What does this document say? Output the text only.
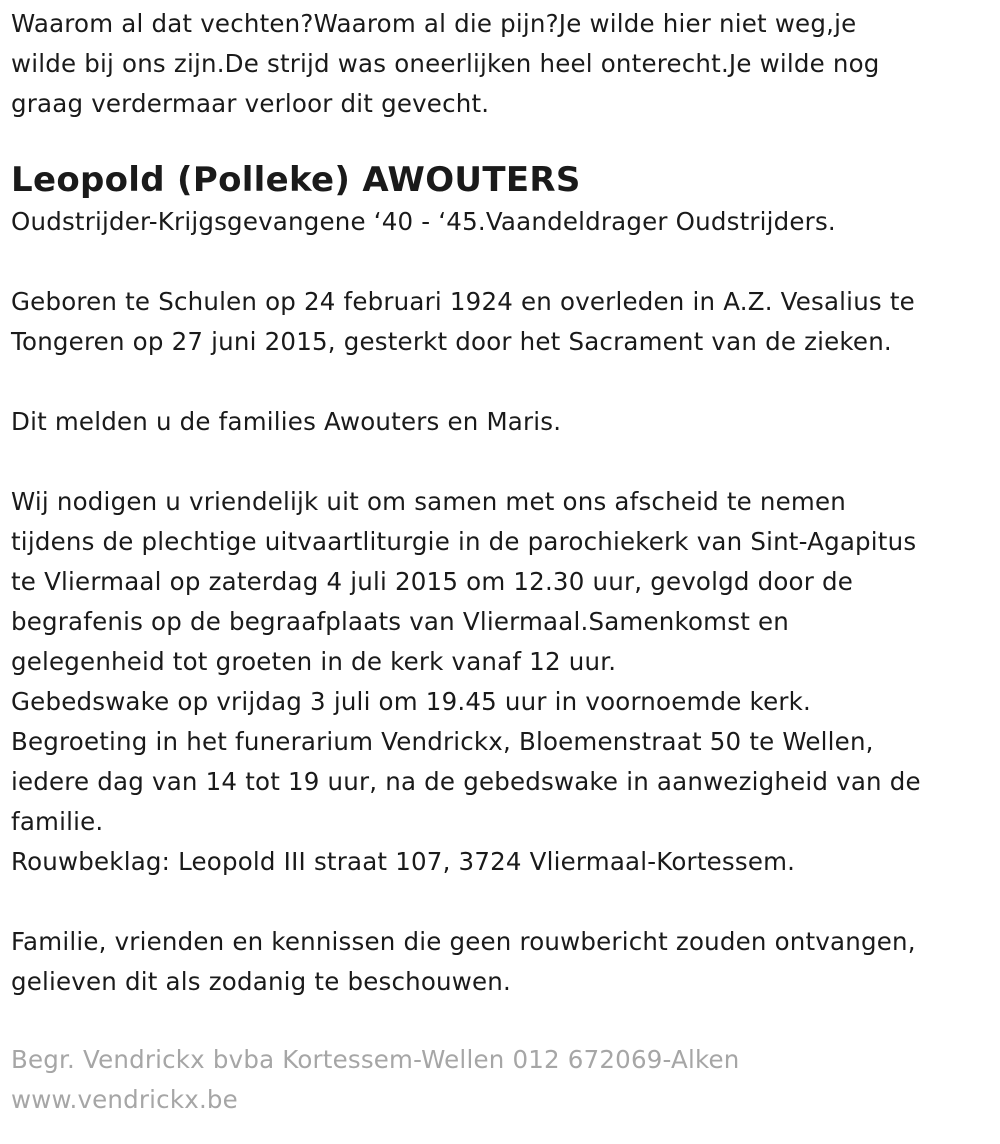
Waarom al dat vechten?Waarom al die pijn?Je wilde hier niet weg,je
wilde bij ons zijn.De strijd was oneerlijken heel onterecht.Je wilde nog
graag verdermaar verloor dit gevecht.
Leopold (Polleke) AWOUTERS
Oudstrijder-Krijgsgevangene ‘40 - ‘45.Vaandeldrager Oudstrijders.
Geboren te Schulen op 24 februari 1924 en overleden in A.Z. Vesalius te
Tongeren op 27 juni 2015, gesterkt door het Sacrament van de zieken.
Dit melden u de families Awouters en Maris.
Wij nodigen u vriendelijk uit om samen met ons afscheid te nemen
tijdens de plechtige uitvaartliturgie in de parochiekerk van Sint-Agapitus
te Vliermaal op zaterdag 4 juli 2015 om 12.30 uur, gevolgd door de
begrafenis op de begraafplaats van Vliermaal.Samenkomst en
gelegenheid tot groeten in de kerk vanaf 12 uur.
Gebedswake op vrijdag 3 juli om 19.45 uur in voornoemde kerk.
Begroeting in het funerarium Vendrickx, Bloemenstraat 50 te Wellen,
iedere dag van 14 tot 19 uur, na de gebedswake in aanwezigheid van de
familie.
Rouwbeklag: Leopold III straat 107, 3724 Vliermaal-Kortessem.
Familie, vrienden en kennissen die geen rouwbericht zouden ontvangen,
gelieven dit als zodanig te beschouwen.
Begr. Vendrickx bvba Kortessem-Wellen 012 672069-Alken
www.vendrickx.be
